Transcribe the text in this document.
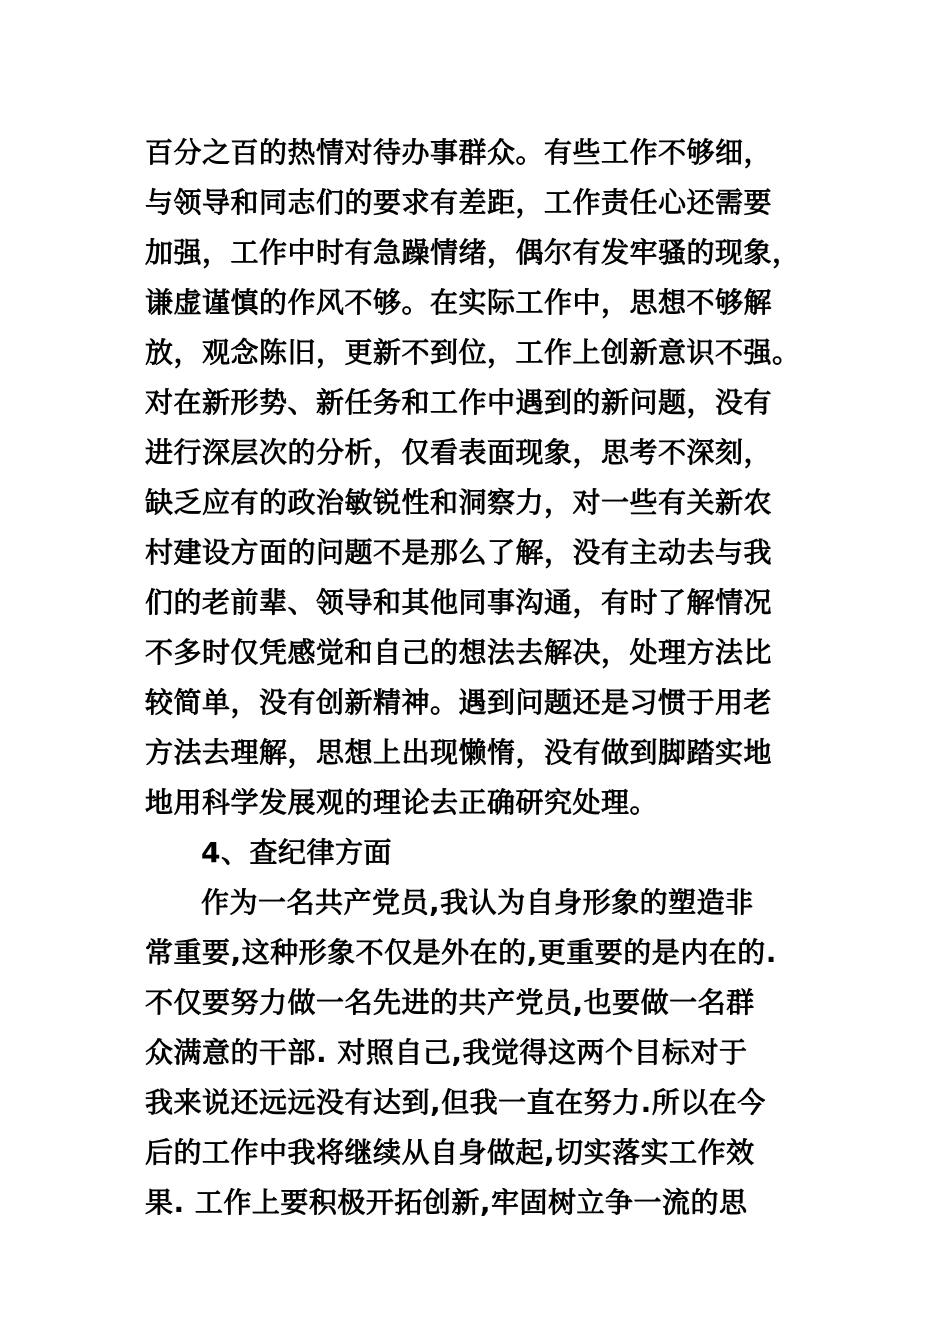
百分之百的热情对待办事群众。有些工作不够细，
与领导和同志们的要求有差距，工作责任心还需要
加强，工作中时有急躁情绪，偶尔有发牢骚的现象，
谦虚谨慎的作风不够。在实际工作中，思想不够解
放，观念陈旧，更新不到位，工作上创新意识不强。
对在新形势、新任务和工作中遇到的新问题，没有
进行深层次的分析，仅看表面现象，思考不深刻，
缺乏应有的政治敏锐性和洞察力，对一些有关新农
村建设方面的问题不是那么了解，没有主动去与我
们的老前辈、领导和其他同事沟通，有时了解情况
不多时仅凭感觉和自己的想法去解决，处理方法比
较简单，没有创新精神。遇到问题还是习惯于用老
方法去理解，思想上出现懒惰，没有做到脚踏实地
地用科学发展观的理论去正确研究处理。
4、查纪律方面
作为一名共产党员,我认为自身形象的塑造非
常重要,这种形象不仅是外在的,更重要的是内在的.
不仅要努力做一名先进的共产党员,也要做一名群
众满意的干部. 对照自己,我觉得这两个目标对于
我来说还远远没有达到,但我一直在努力.所以在今
后的工作中我将继续从自身做起,切实落实工作效
果. 工作上要积极开拓创新,牢固树立争一流的思
